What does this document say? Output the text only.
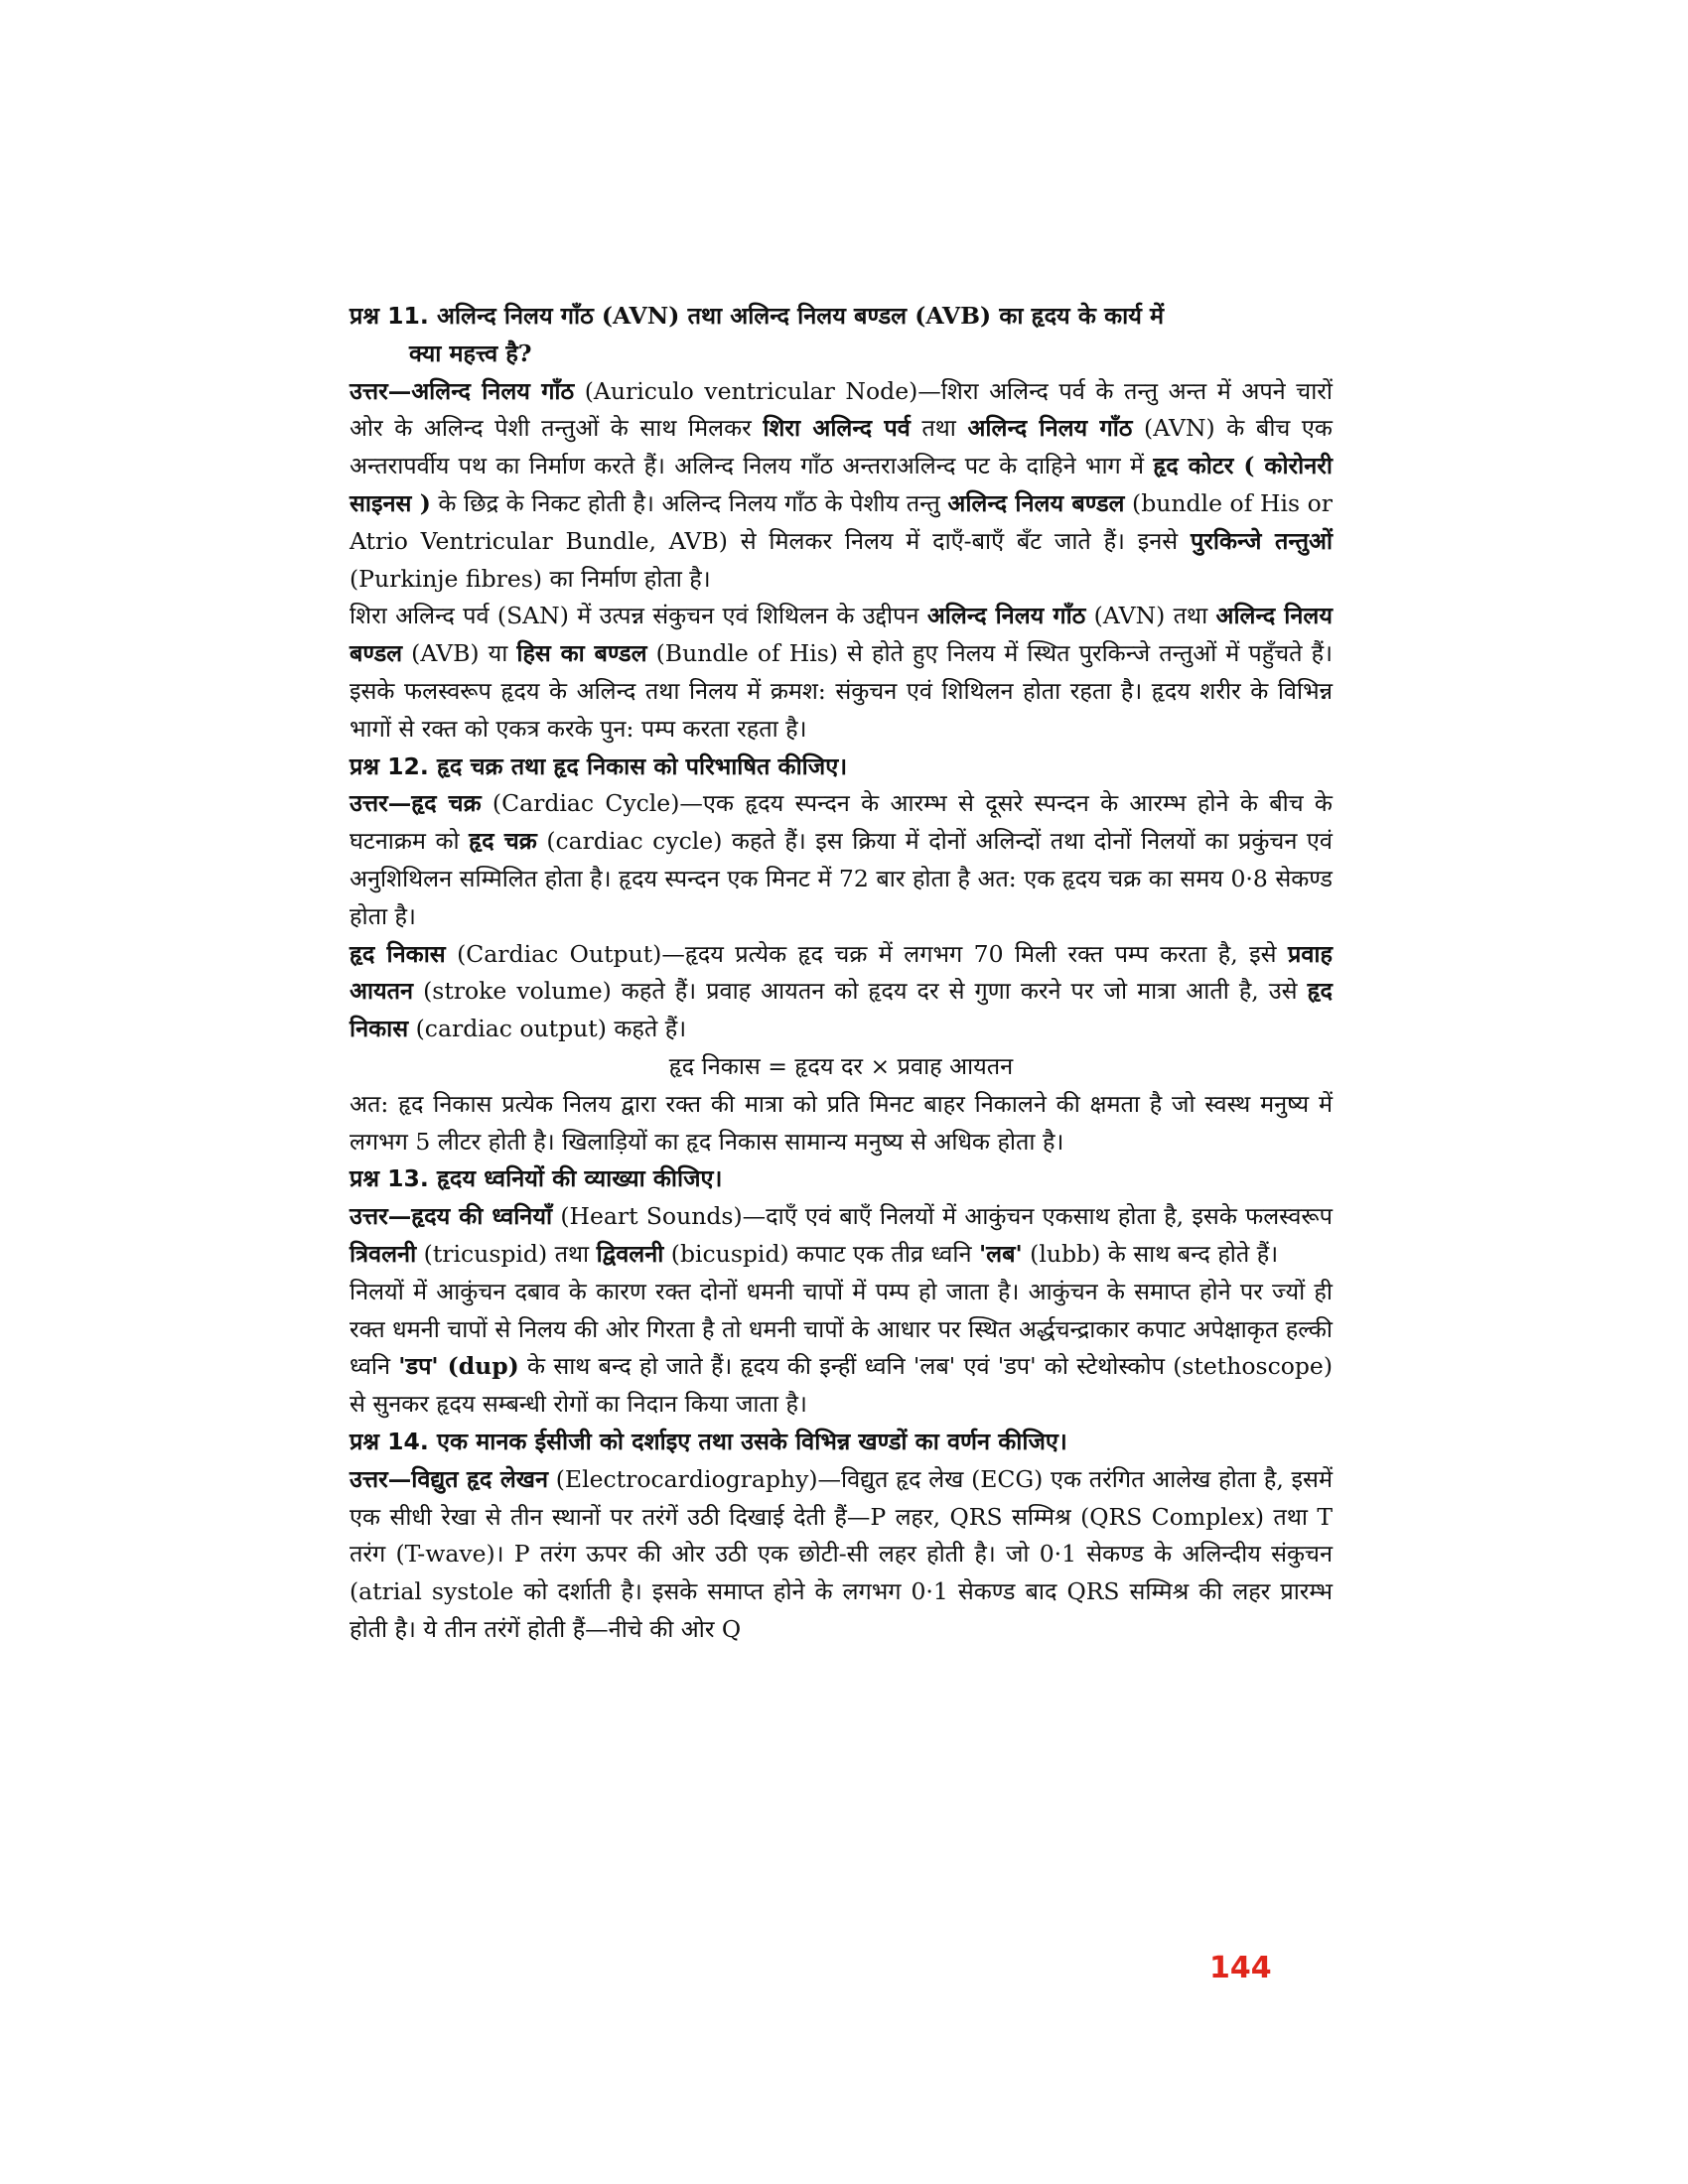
प्रश्न 11. अलिन्द निलय गाँठ (AVN) तथा अलिन्द निलय बण्डल (AVB) का हृदय के कार्य में
क्या महत्त्व है?

उत्तर—अलिन्द निलय गाँठ (Auriculo ventricular Node)—शिरा अलिन्द पर्व के तन्तु अन्त में अपने चारों ओर के अलिन्द पेशी तन्तुओं के साथ मिलकर शिरा अलिन्द पर्व तथा अलिन्द निलय गाँठ (AVN) के बीच एक अन्तरापर्वीय पथ का निर्माण करते हैं। अलिन्द निलय गाँठ अन्तराअलिन्द पट के दाहिने भाग में हृद कोटर ( कोरोनरी साइनस ) के छिद्र के निकट होती है। अलिन्द निलय गाँठ के पेशीय तन्तु अलिन्द निलय बण्डल (bundle of His or Atrio Ventricular Bundle, AVB) से मिलकर निलय में दाएँ-बाएँ बँट जाते हैं। इनसे पुरकिन्जे तन्तुओं (Purkinje fibres) का निर्माण होता है।

शिरा अलिन्द पर्व (SAN) में उत्पन्न संकुचन एवं शिथिलन के उद्दीपन अलिन्द निलय गाँठ (AVN) तथा अलिन्द निलय बण्डल (AVB) या हिस का बण्डल (Bundle of His) से होते हुए निलय में स्थित पुरकिन्जे तन्तुओं में पहुँचते हैं। इसके फलस्वरूप हृदय के अलिन्द तथा निलय में क्रमश: संकुचन एवं शिथिलन होता रहता है। हृदय शरीर के विभिन्न भागों से रक्त को एकत्र करके पुन: पम्प करता रहता है।

प्रश्न 12. हृद चक्र तथा हृद निकास को परिभाषित कीजिए।

उत्तर—हृद चक्र (Cardiac Cycle)—एक हृदय स्पन्दन के आरम्भ से दूसरे स्पन्दन के आरम्भ होने के बीच के घटनाक्रम को हृद चक्र (cardiac cycle) कहते हैं। इस क्रिया में दोनों अलिन्दों तथा दोनों निलयों का प्रकुंचन एवं अनुशिथिलन सम्मिलित होता है। हृदय स्पन्दन एक मिनट में 72 बार होता है अत: एक हृदय चक्र का समय 0·8 सेकण्ड होता है।

हृद निकास (Cardiac Output)—हृदय प्रत्येक हृद चक्र में लगभग 70 मिली रक्त पम्प करता है, इसे प्रवाह आयतन (stroke volume) कहते हैं। प्रवाह आयतन को हृदय दर से गुणा करने पर जो मात्रा आती है, उसे हृद निकास (cardiac output) कहते हैं।

हृद निकास = हृदय दर × प्रवाह आयतन

अत: हृद निकास प्रत्येक निलय द्वारा रक्त की मात्रा को प्रति मिनट बाहर निकालने की क्षमता है जो स्वस्थ मनुष्य में लगभग 5 लीटर होती है। खिलाड़ियों का हृद निकास सामान्य मनुष्य से अधिक होता है।

प्रश्न 13. हृदय ध्वनियों की व्याख्या कीजिए।

उत्तर—हृदय की ध्वनियाँ (Heart Sounds)—दाएँ एवं बाएँ निलयों में आकुंचन एकसाथ होता है, इसके फलस्वरूप त्रिवलनी (tricuspid) तथा द्विवलनी (bicuspid) कपाट एक तीव्र ध्वनि 'लब' (lubb) के साथ बन्द होते हैं।

निलयों में आकुंचन दबाव के कारण रक्त दोनों धमनी चापों में पम्प हो जाता है। आकुंचन के समाप्त होने पर ज्यों ही रक्त धमनी चापों से निलय की ओर गिरता है तो धमनी चापों के आधार पर स्थित अर्द्धचन्द्राकार कपाट अपेक्षाकृत हल्की ध्वनि 'डप' (dup) के साथ बन्द हो जाते हैं। हृदय की इन्हीं ध्वनि 'लब' एवं 'डप' को स्टेथोस्कोप (stethoscope) से सुनकर हृदय सम्बन्धी रोगों का निदान किया जाता है।

प्रश्न 14. एक मानक ईसीजी को दर्शाइए तथा उसके विभिन्न खण्डों का वर्णन कीजिए।

उत्तर—विद्युत हृद लेखन (Electrocardiography)—विद्युत हृद लेख (ECG) एक तरंगित आलेख होता है, इसमें एक सीधी रेखा से तीन स्थानों पर तरंगें उठी दिखाई देती हैं—P लहर, QRS सम्मिश्र (QRS Complex) तथा T तरंग (T-wave)। P तरंग ऊपर की ओर उठी एक छोटी-सी लहर होती है। जो 0·1 सेकण्ड के अलिन्दीय संकुचन (atrial systole को दर्शाती है। इसके समाप्त होने के लगभग 0·1 सेकण्ड बाद QRS सम्मिश्र की लहर प्रारम्भ होती है। ये तीन तरंगें होती हैं—नीचे की ओर Q

144
